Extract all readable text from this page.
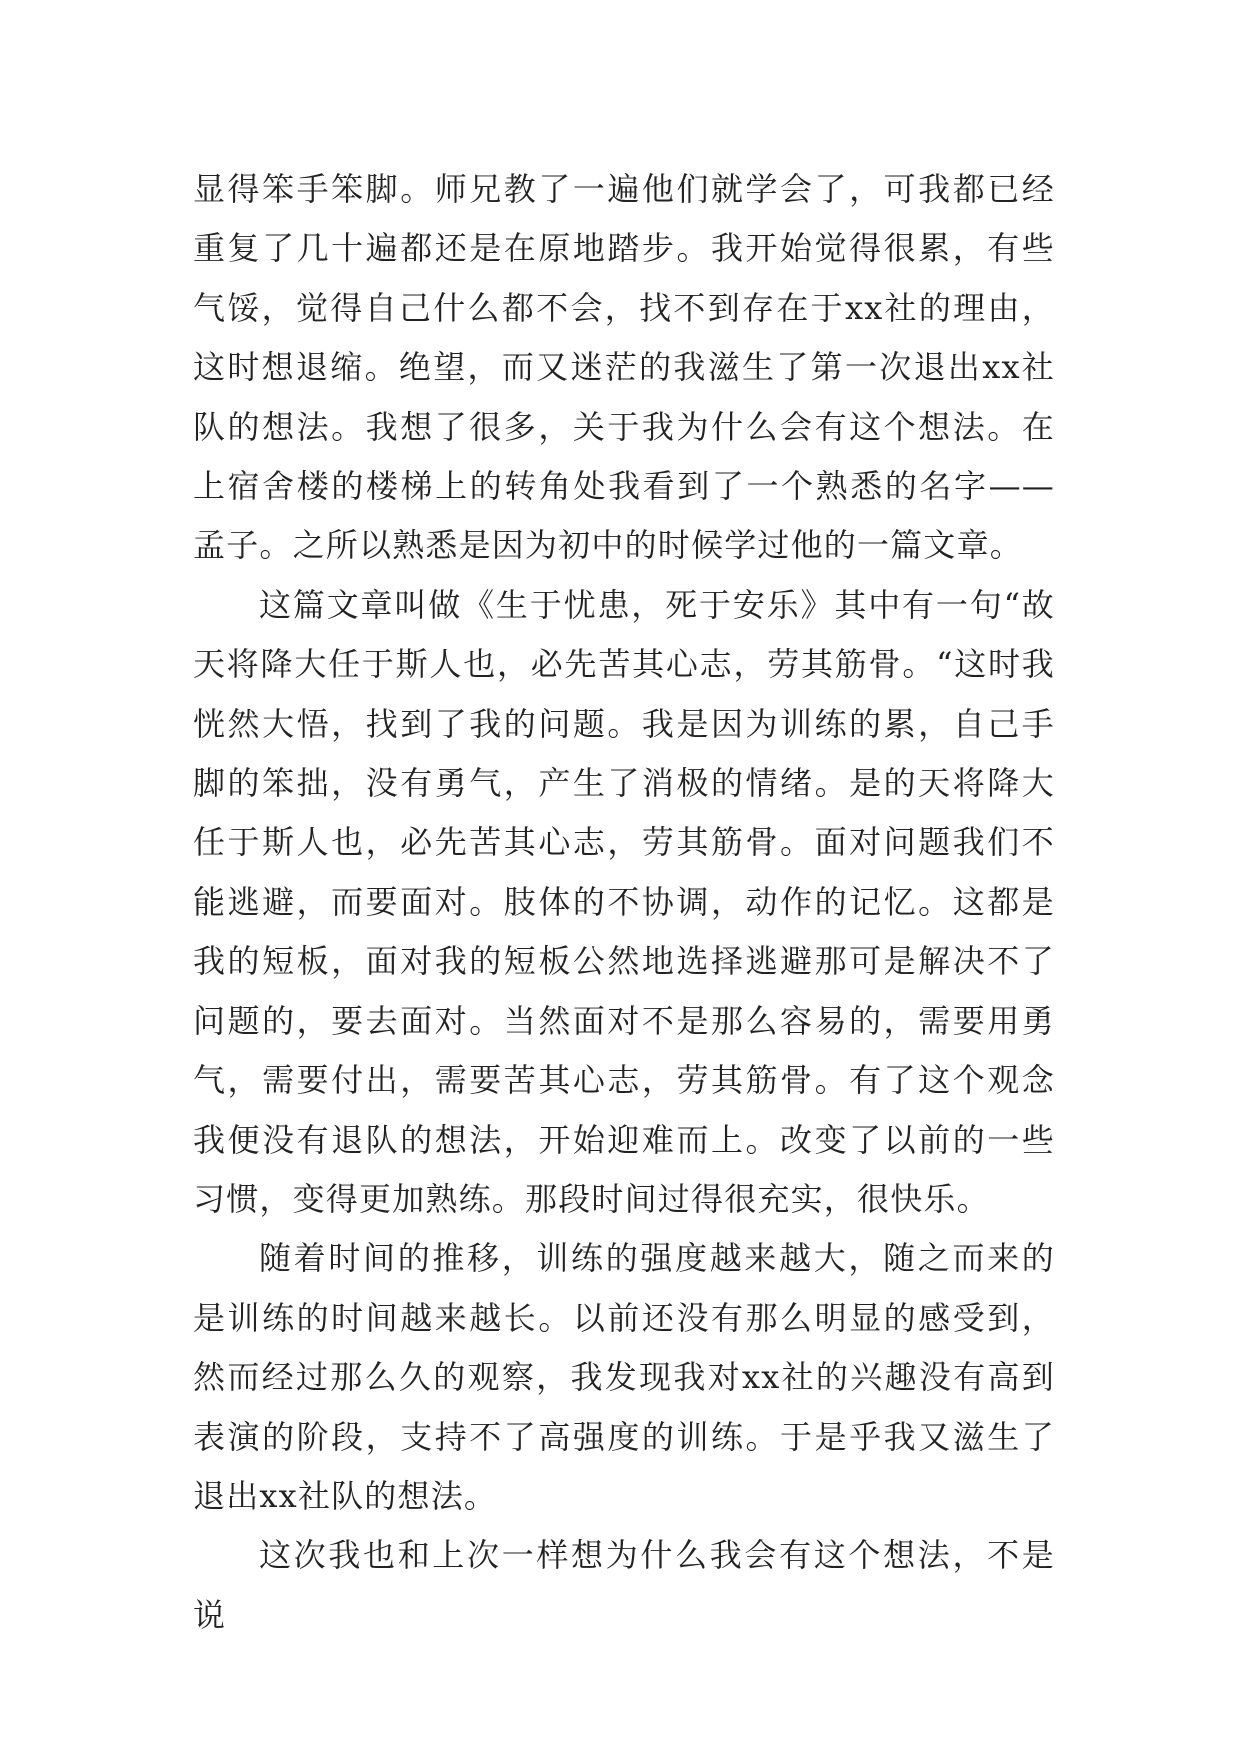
显得笨手笨脚。师兄教了一遍他们就学会了，可我都已经重复了几十遍都还是在原地踏步。我开始觉得很累，有些气馁，觉得自己什么都不会，找不到存在于xx社的理由，这时想退缩。绝望，而又迷茫的我滋生了第一次退出xx社队的想法。我想了很多，关于我为什么会有这个想法。在上宿舍楼的楼梯上的转角处我看到了一个熟悉的名字——孟子。之所以熟悉是因为初中的时候学过他的一篇文章。

这篇文章叫做《生于忧患，死于安乐》其中有一句“故天将降大任于斯人也，必先苦其心志，劳其筋骨。“这时我恍然大悟，找到了我的问题。我是因为训练的累，自己手脚的笨拙，没有勇气，产生了消极的情绪。是的天将降大任于斯人也，必先苦其心志，劳其筋骨。面对问题我们不能逃避，而要面对。肢体的不协调，动作的记忆。这都是我的短板，面对我的短板公然地选择逃避那可是解决不了问题的，要去面对。当然面对不是那么容易的，需要用勇气，需要付出，需要苦其心志，劳其筋骨。有了这个观念我便没有退队的想法，开始迎难而上。改变了以前的一些习惯，变得更加熟练。那段时间过得很充实，很快乐。

随着时间的推移，训练的强度越来越大，随之而来的是训练的时间越来越长。以前还没有那么明显的感受到，然而经过那么久的观察，我发现我对xx社的兴趣没有高到表演的阶段，支持不了高强度的训练。于是乎我又滋生了退出xx社队的想法。

这次我也和上次一样想为什么我会有这个想法，不是说
